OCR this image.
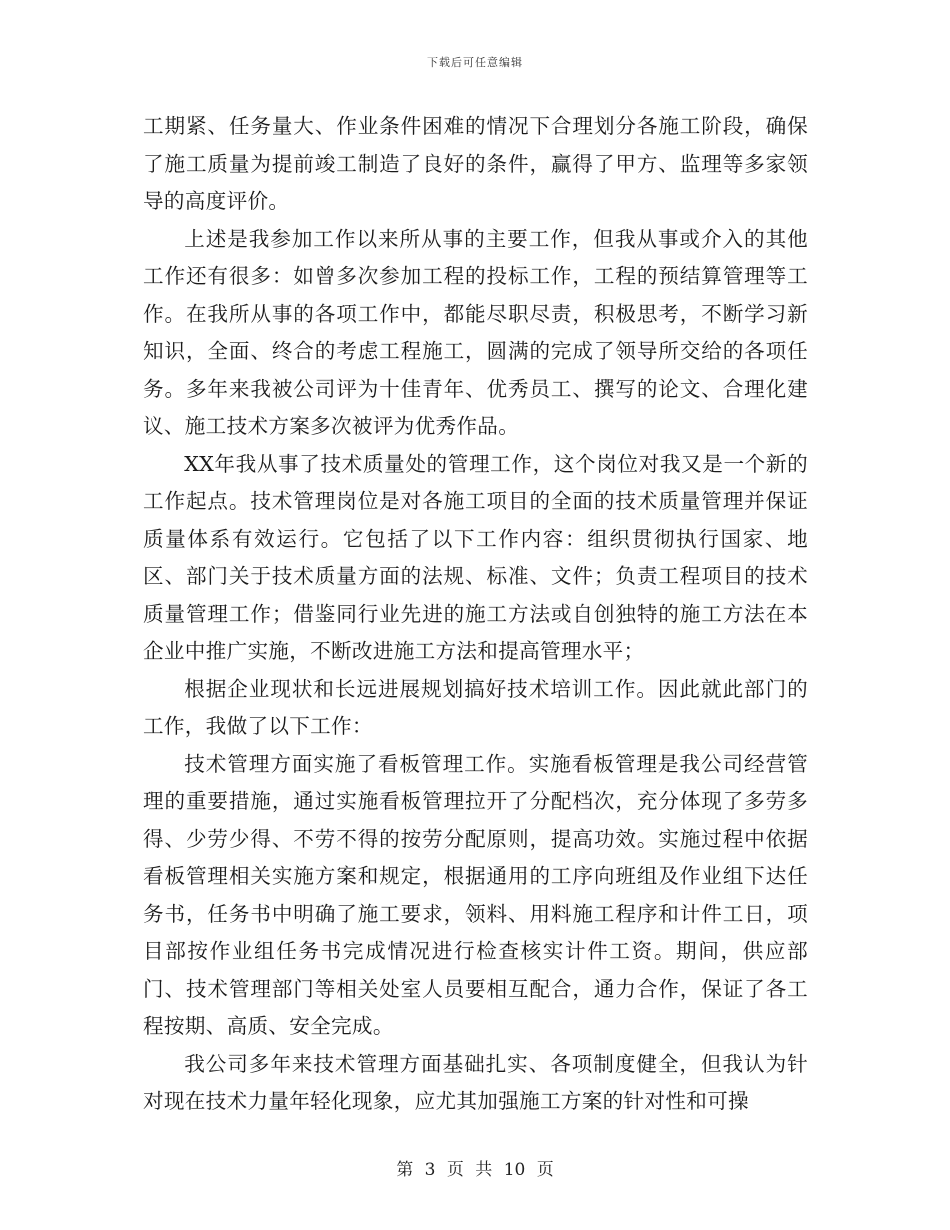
下载后可任意编辑

工期紧、任务量大、作业条件困难的情况下合理划分各施工阶段，确保了施工质量为提前竣工制造了良好的条件，赢得了甲方、监理等多家领导的高度评价。

上述是我参加工作以来所从事的主要工作，但我从事或介入的其他工作还有很多：如曾多次参加工程的投标工作，工程的预结算管理等工作。在我所从事的各项工作中，都能尽职尽责，积极思考，不断学习新知识，全面、终合的考虑工程施工，圆满的完成了领导所交给的各项任务。多年来我被公司评为十佳青年、优秀员工、撰写的论文、合理化建议、施工技术方案多次被评为优秀作品。

XX年我从事了技术质量处的管理工作，这个岗位对我又是一个新的工作起点。技术管理岗位是对各施工项目的全面的技术质量管理并保证质量体系有效运行。它包括了以下工作内容：组织贯彻执行国家、地区、部门关于技术质量方面的法规、标准、文件；负责工程项目的技术质量管理工作；借鉴同行业先进的施工方法或自创独特的施工方法在本企业中推广实施，不断改进施工方法和提高管理水平；

根据企业现状和长远进展规划搞好技术培训工作。因此就此部门的工作，我做了以下工作：

技术管理方面实施了看板管理工作。实施看板管理是我公司经营管理的重要措施，通过实施看板管理拉开了分配档次，充分体现了多劳多得、少劳少得、不劳不得的按劳分配原则，提高功效。实施过程中依据看板管理相关实施方案和规定，根据通用的工序向班组及作业组下达任务书，任务书中明确了施工要求，领料、用料施工程序和计件工日，项目部按作业组任务书完成情况进行检查核实计件工资。期间，供应部门、技术管理部门等相关处室人员要相互配合，通力合作，保证了各工程按期、高质、安全完成。

我公司多年来技术管理方面基础扎实、各项制度健全，但我认为针对现在技术力量年轻化现象，应尤其加强施工方案的针对性和可操

第 3 页 共 10 页
